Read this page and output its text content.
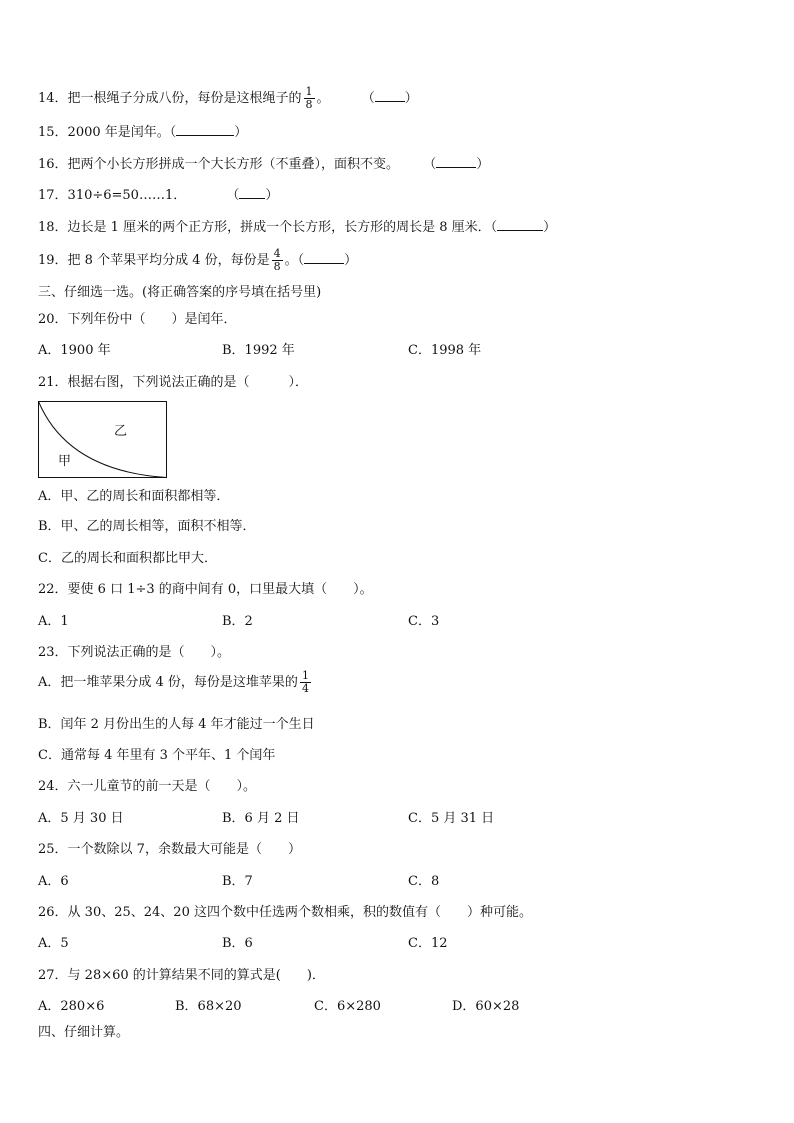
14．把一根绳子分成八份，每份是这根绳子的 $\frac{1}{8}$ 。 （ ）
15．2000 年是闰年。（	）
16．把两个小长方形拼成一个大长方形（不重叠），面积不变。 （	）
17．310÷6=50……1．	（ ）
18．边长是 1 厘米的两个正方形，拼成一个长方形，长方形的周长是 8 厘米．（	）
19．把 8 个苹果平均分成 4 份，每份是 $\frac{4}{8}$ 。（	）
三、仔细选一选。(将正确答案的序号填在括号里)
20．下列年份中（　　）是闰年．
A．1900 年	B．1992 年	C．1998 年
21．根据右图，下列说法正确的是（　　　）．
乙
甲
A．甲、乙的周长和面积都相等．
B．甲、乙的周长相等，面积不相等．
C．乙的周长和面积都比甲大．
22．要使 6 口 1÷3 的商中间有 0，口里最大填（　　）。
A．1	B．2	C．3
23．下列说法正确的是（　　）。
A．把一堆苹果分成 4 份，每份是这堆苹果的 $\frac{1}{4}$
B．闰年 2 月份出生的人每 4 年才能过一个生日
C．通常每 4 年里有 3 个平年、1 个闰年
24．六一儿童节的前一天是（　　）。
A．5 月 30 日	B．6 月 2 日	C．5 月 31 日
25．一个数除以 7，余数最大可能是（　　）
A．6	B．7	C．8
26．从 30、25、24、20 这四个数中任选两个数相乘，积的数值有（　　）种可能。
A．5	B．6	C．12
27．与 28×60 的计算结果不同的算式是(　　)．
A．280×6	B．68×20	C．6×280	D．60×28
四、仔细计算。
